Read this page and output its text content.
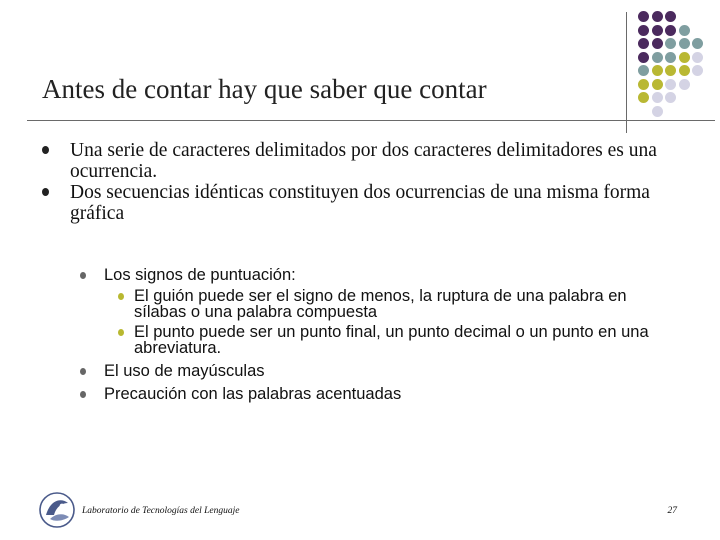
Antes de contar hay que saber que contar
Una serie de caracteres delimitados por dos caracteres delimitadores es una ocurrencia.
Dos secuencias idénticas constituyen dos ocurrencias de una misma forma gráfica
Los signos de puntuación:
El guión puede ser el signo de menos, la ruptura de una palabra en sílabas o una palabra compuesta
El punto puede ser un punto final, un punto decimal o un punto en una abreviatura.
El uso de mayúsculas
Precaución con las palabras acentuadas
Laboratorio de Tecnologías del Lenguaje	27
